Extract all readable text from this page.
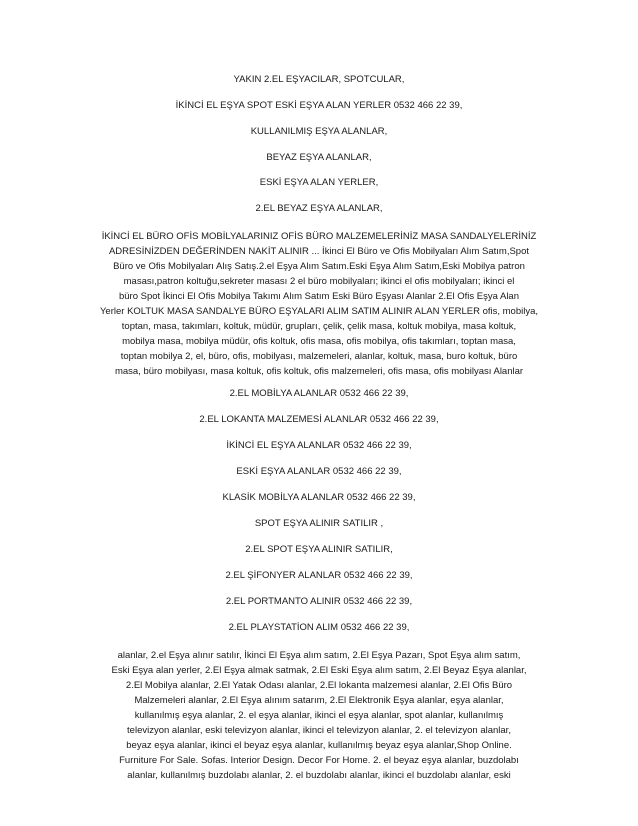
YAKIN 2.EL EŞYACILAR, SPOTCULAR,
İKİNCİ EL EŞYA SPOT ESKİ EŞYA ALAN YERLER 0532 466 22 39,
KULLANILMIŞ EŞYA ALANLAR,
BEYAZ EŞYA ALANLAR,
ESKİ EŞYA ALAN YERLER,
2.EL BEYAZ EŞYA ALANLAR,
İKİNCİ EL BÜRO OFİS MOBİLYALARINIZ OFİS BÜRO MALZEMELERİNİZ MASA SANDALYELERİNİZ
ADRESİNİZDEN DEĞERİNDEN NAKİT ALINIR ... İkinci El Büro ve Ofis Mobilyaları Alım Satım,Spot
Büro ve Ofis Mobilyaları Alış Satış.2.el Eşya Alım Satım.Eski Eşya Alım Satım,Eski Mobilya patron
masası,patron koltuğu,sekreter masası 2 el büro mobilyaları; ikinci el ofis mobilyaları; ikinci el
büro Spot İkinci El Ofis Mobilya Takımı Alım Satım Eski Büro Eşyası Alanlar 2.El Ofis Eşya Alan
Yerler KOLTUK MASA SANDALYE BÜRO EŞYALARI ALIM SATIM ALINIR ALAN YERLER ofis, mobilya,
toptan, masa, takımları, koltuk, müdür, grupları, çelik, çelik masa, koltuk mobilya, masa koltuk,
mobilya masa, mobilya müdür, ofis koltuk, ofis masa, ofis mobilya, ofis takımları, toptan masa,
toptan mobilya 2, el, büro, ofis, mobilyası, malzemeleri, alanlar, koltuk, masa, buro koltuk, büro
masa, büro mobilyası, masa koltuk, ofis koltuk, ofis malzemeleri, ofis masa, ofis mobilyası Alanlar
2.EL MOBİLYA ALANLAR 0532 466 22 39,
2.EL LOKANTA MALZEMESİ ALANLAR 0532 466 22 39,
İKİNCİ EL EŞYA ALANLAR 0532 466 22 39,
ESKİ EŞYA ALANLAR 0532 466 22 39,
KLASİK MOBİLYA ALANLAR 0532 466 22 39,
SPOT EŞYA ALINIR SATILIR ,
2.EL SPOT EŞYA ALINIR SATILIR,
2.EL ŞİFONYER ALANLAR 0532 466 22 39,
2.EL PORTMANTO ALINIR 0532 466 22 39,
2.EL PLAYSTATİON ALIM 0532 466 22 39,
alanlar, 2.el Eşya alınır satılır, İkinci El Eşya alım satım, 2.El Eşya Pazarı, Spot Eşya alım satım,
Eski Eşya alan yerler, 2.El Eşya almak satmak, 2.El Eski Eşya alım satım, 2.El Beyaz Eşya alanlar,
2.El Mobilya alanlar, 2.El Yatak Odası alanlar, 2.El lokanta malzemesi alanlar, 2.El Ofis Büro
Malzemeleri alanlar, 2.El Eşya alınım satarım, 2.El Elektronik Eşya alanlar, eşya alanlar,
kullanılmış eşya alanlar, 2. el eşya alanlar, ikinci el eşya alanlar, spot alanlar, kullanılmış
televizyon alanlar, eski televizyon alanlar, ikinci el televizyon alanlar, 2. el televizyon alanlar,
beyaz eşya alanlar, ikinci el beyaz eşya alanlar, kullanılmış beyaz eşya alanlar,Shop Online.
Furniture For Sale. Sofas. Interior Design. Decor For Home. 2. el beyaz eşya alanlar, buzdolabı
alanlar, kullanılmış buzdolabı alanlar, 2. el buzdolabı alanlar, ikinci el buzdolabı alanlar, eski
